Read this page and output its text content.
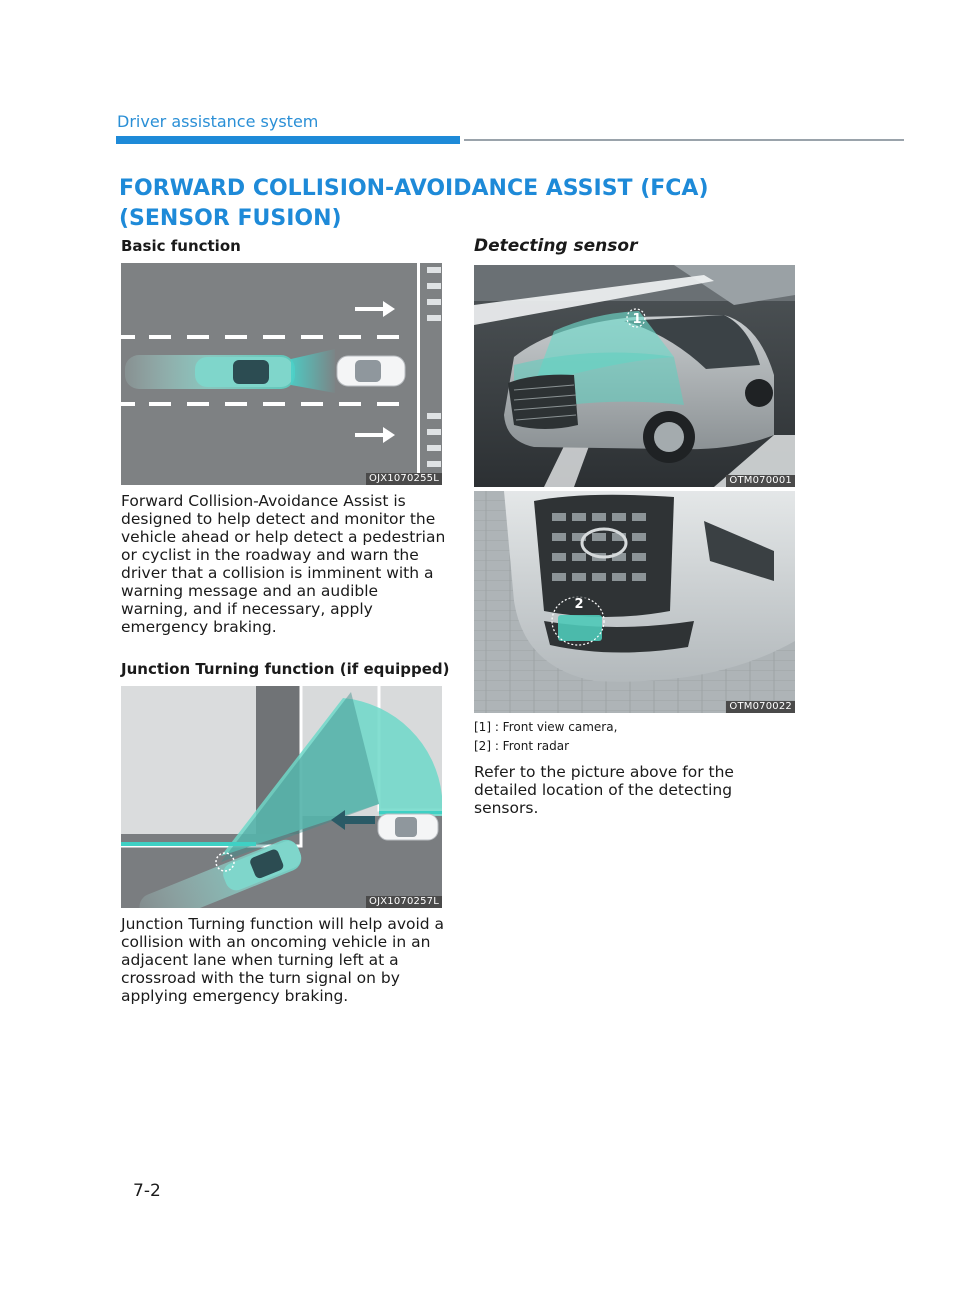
Driver assistance system
FORWARD COLLISION-AVOIDANCE ASSIST (FCA) (SENSOR FUSION)
Basic function
OJX1070255L
Forward Collision-Avoidance Assist is designed to help detect and monitor the vehicle ahead or help detect a pedestrian or cyclist in the roadway and warn the driver that a collision is imminent with a warning message and an audible warning, and if necessary, apply emergency braking.
Junction Turning function (if equipped)
OJX1070257L
Junction Turning function will help avoid a collision with an oncoming vehicle in an adjacent lane when turning left at a crossroad with the turn signal on by applying emergency braking.
Detecting sensor
1
OTM070001
2
OTM070022
[1] : Front view camera,
[2] : Front radar
Refer to the picture above for the detailed location of the detecting sensors.
7-2
